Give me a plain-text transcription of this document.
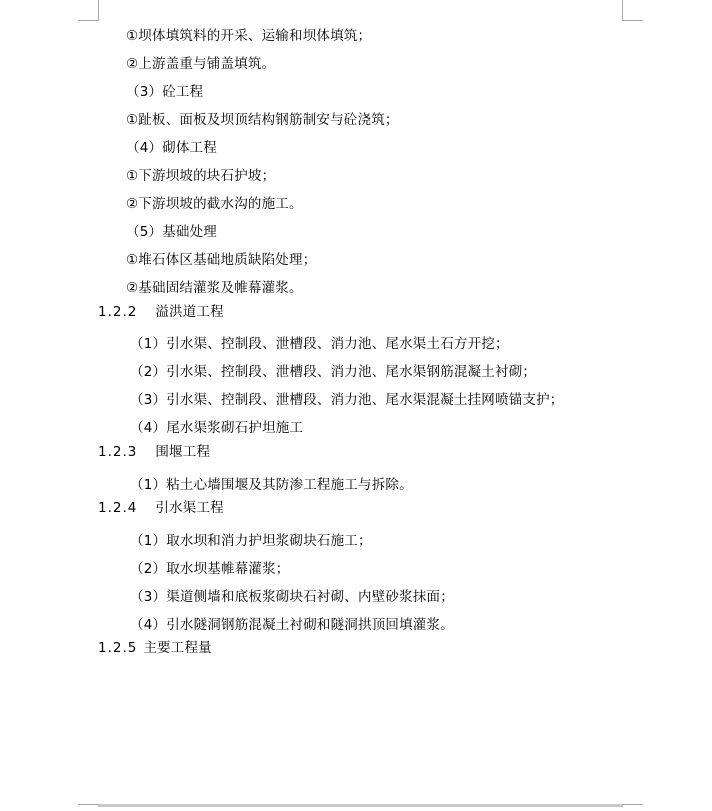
①坝体填筑料的开采、运输和坝体填筑；
②上游盖重与铺盖填筑。
（3）砼工程
①趾板、面板及坝顶结构钢筋制安与砼浇筑；
（4）砌体工程
①下游坝坡的块石护坡；
②下游坝坡的截水沟的施工。
（5）基础处理
①堆石体区基础地质缺陷处理；
②基础固结灌浆及帷幕灌浆。
1.2.2 溢洪道工程
（1）引水渠、控制段、泄槽段、消力池、尾水渠土石方开挖；
（2）引水渠、控制段、泄槽段、消力池、尾水渠钢筋混凝土衬砌；
（3）引水渠、控制段、泄槽段、消力池、尾水渠混凝土挂网喷锚支护；
（4）尾水渠浆砌石护坦施工
1.2.3 围堰工程
（1）粘土心墙围堰及其防渗工程施工与拆除。
1.2.4 引水渠工程
（1）取水坝和消力护坦浆砌块石施工；
（2）取水坝基帷幕灌浆；
（3）渠道侧墙和底板浆砌块石衬砌、内壁砂浆抹面；
（4）引水隧洞钢筋混凝土衬砌和隧洞拱顶回填灌浆。
1.2.5 主要工程量
